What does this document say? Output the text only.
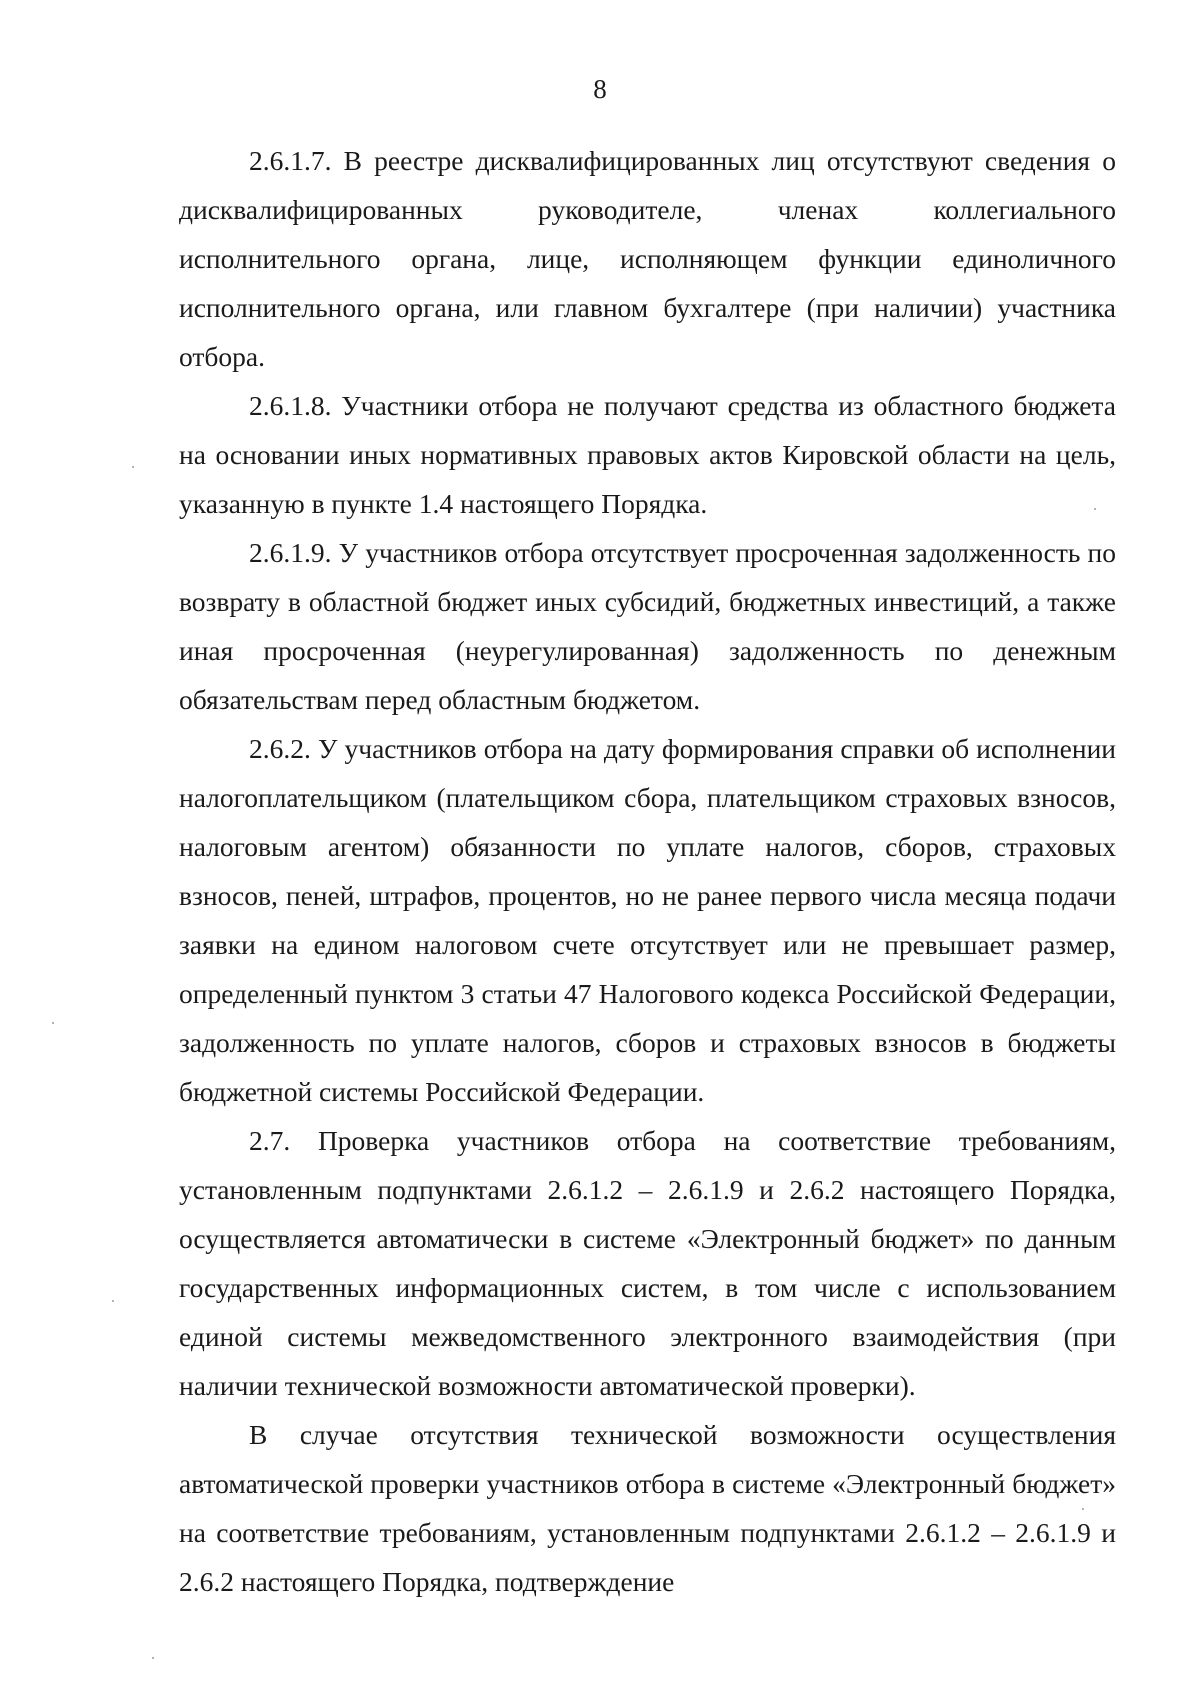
8

2.6.1.7. В реестре дисквалифицированных лиц отсутствуют сведения о дисквалифицированных руководителе, членах коллегиального исполнительного органа, лице, исполняющем функции единоличного исполнительного органа, или главном бухгалтере (при наличии) участника отбора.

2.6.1.8. Участники отбора не получают средства из областного бюджета на основании иных нормативных правовых актов Кировской области на цель, указанную в пункте 1.4 настоящего Порядка.

2.6.1.9. У участников отбора отсутствует просроченная задолженность по возврату в областной бюджет иных субсидий, бюджетных инвестиций, а также иная просроченная (неурегулированная) задолженность по денежным обязательствам перед областным бюджетом.

2.6.2. У участников отбора на дату формирования справки об исполнении налогоплательщиком (плательщиком сбора, плательщиком страховых взносов, налоговым агентом) обязанности по уплате налогов, сборов, страховых взносов, пеней, штрафов, процентов, но не ранее первого числа месяца подачи заявки на едином налоговом счете отсутствует или не превышает размер, определенный пунктом 3 статьи 47 Налогового кодекса Российской Федерации, задолженность по уплате налогов, сборов и страховых взносов в бюджеты бюджетной системы Российской Федерации.

2.7. Проверка участников отбора на соответствие требованиям, установленным подпунктами 2.6.1.2 – 2.6.1.9 и 2.6.2 настоящего Порядка, осуществляется автоматически в системе «Электронный бюджет» по данным государственных информационных систем, в том числе с использованием единой системы межведомственного электронного взаимодействия (при наличии технической возможности автоматической проверки).

В случае отсутствия технической возможности осуществления автоматической проверки участников отбора в системе «Электронный бюджет» на соответствие требованиям, установленным подпунктами 2.6.1.2 – 2.6.1.9 и 2.6.2 настоящего Порядка, подтверждение
